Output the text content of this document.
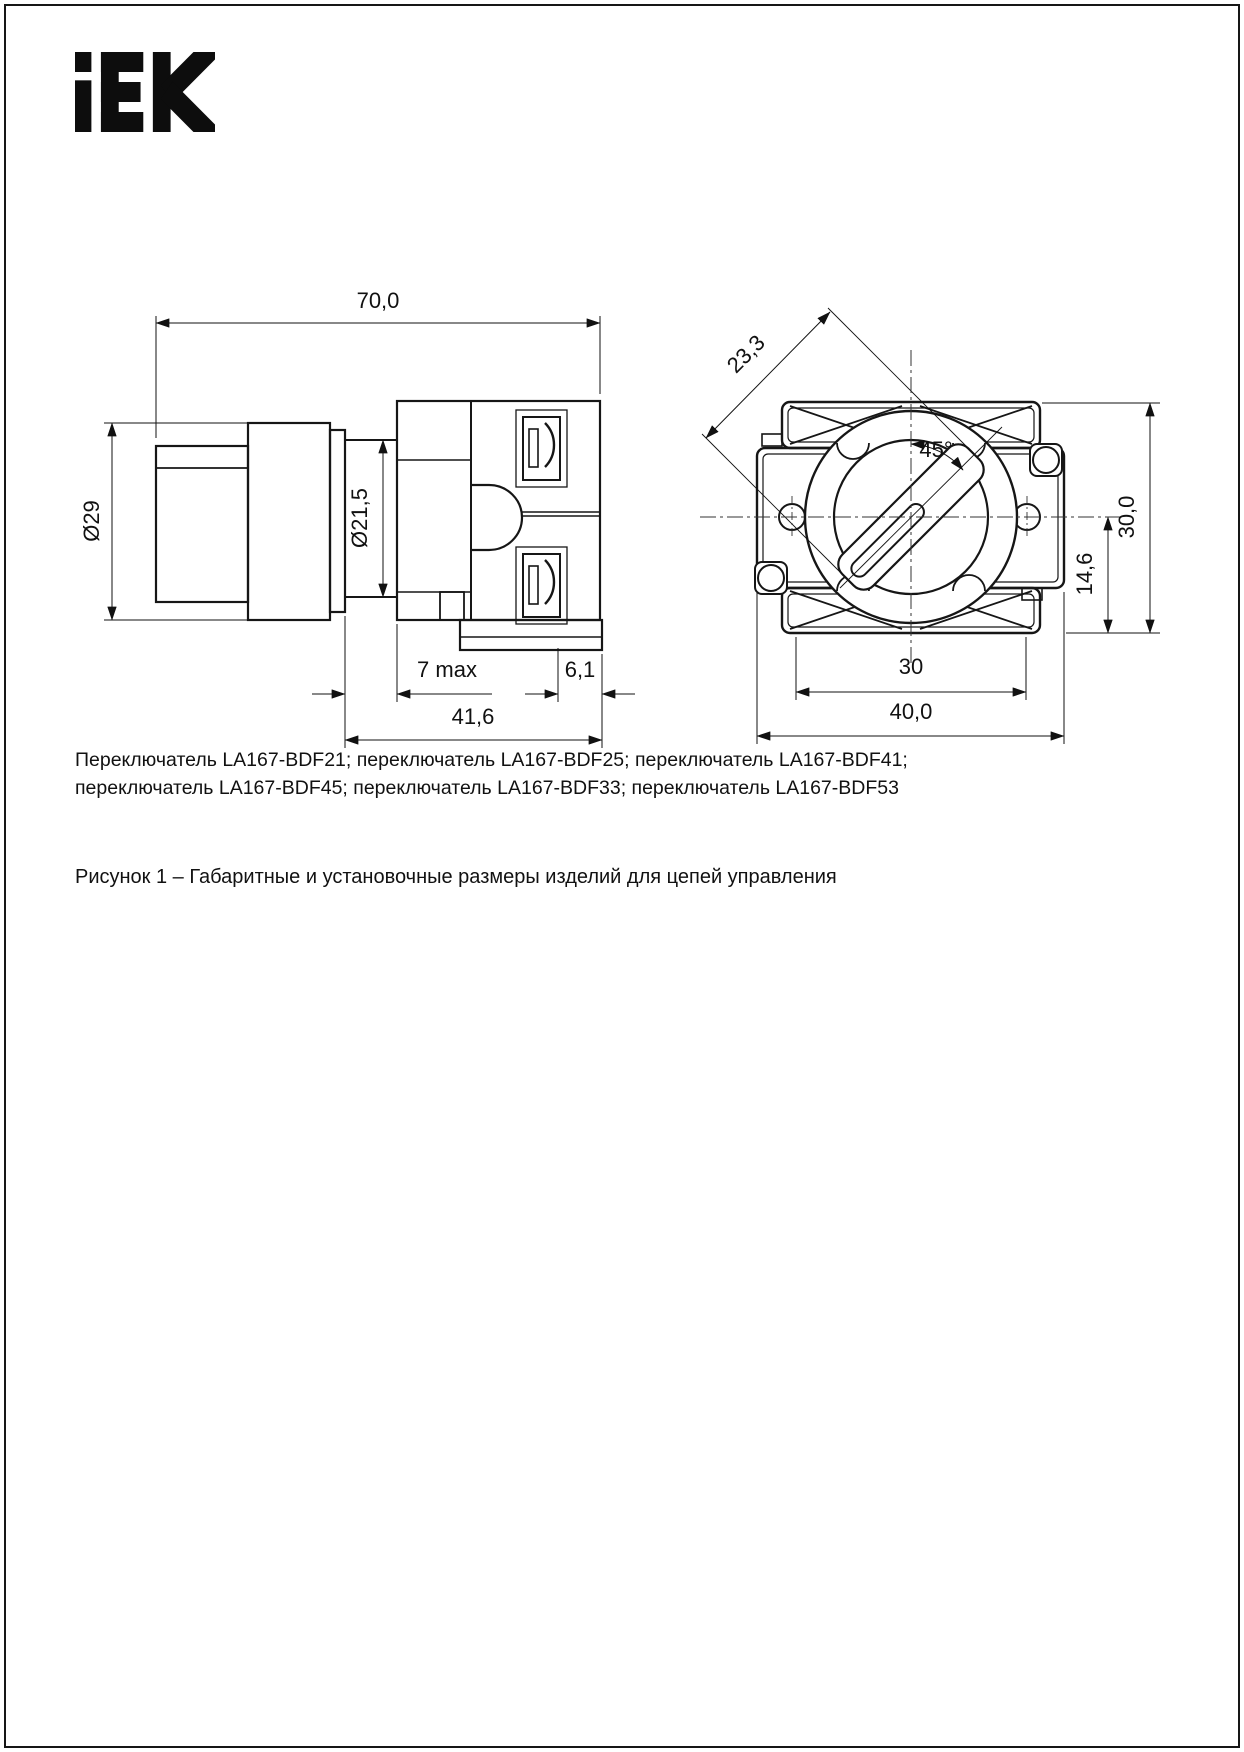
70,0
Ø29	Ø21,5
7 max	6,1
41,6
23,3
45°
30
40,0
30,0
14,6
Переключатель LA167-BDF21; переключатель LA167-BDF25; переключатель LA167-BDF41;
переключатель LA167-BDF45; переключатель LA167-BDF33; переключатель LA167-BDF53
Рисунок 1 – Габаритные и установочные размеры изделий для цепей управления
